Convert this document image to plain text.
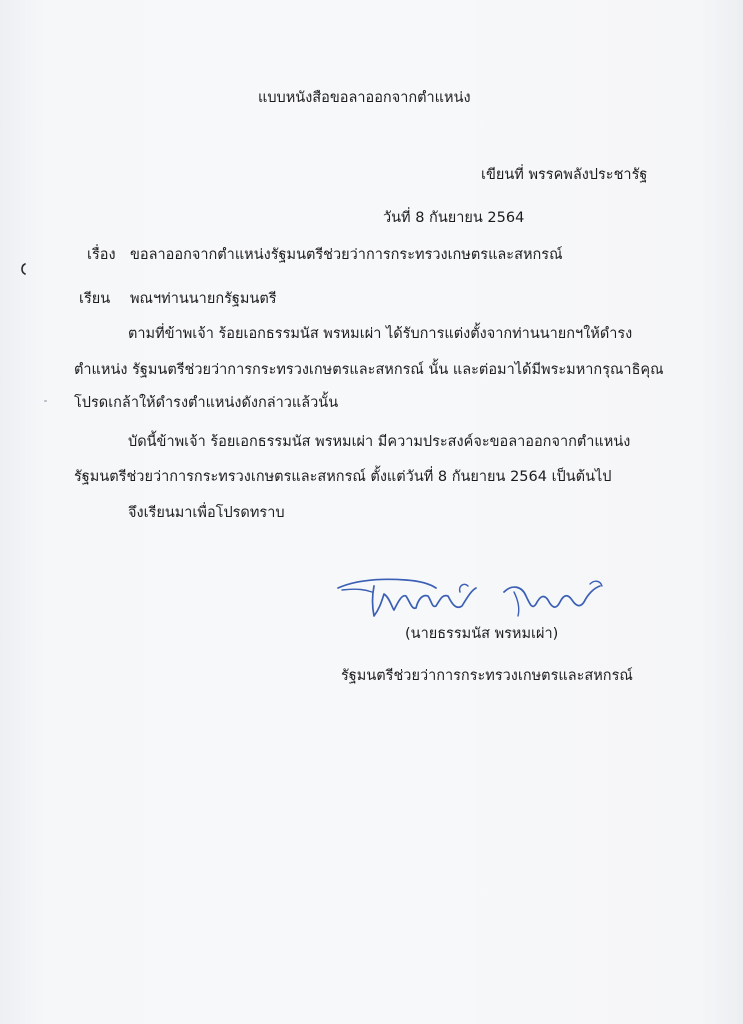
แบบหนังสือขอลาออกจากตำแหน่ง
เขียนที่ พรรคพลังประชารัฐ
วันที่ 8 กันยายน 2564
เรื่อง ขอลาออกจากตำแหน่งรัฐมนตรีช่วยว่าการกระทรวงเกษตรและสหกรณ์
เรียน พณฯท่านนายกรัฐมนตรี
ตามที่ข้าพเจ้า ร้อยเอกธรรมนัส พรหมเผ่า ได้รับการแต่งตั้งจากท่านนายกฯให้ดำรง
ตำแหน่ง รัฐมนตรีช่วยว่าการกระทรวงเกษตรและสหกรณ์ นั้น และต่อมาได้มีพระมหากรุณาธิคุณ
โปรดเกล้าให้ดำรงตำแหน่งดังกล่าวแล้วนั้น
บัดนี้ข้าพเจ้า ร้อยเอกธรรมนัส พรหมเผ่า มีความประสงค์จะขอลาออกจากตำแหน่ง
รัฐมนตรีช่วยว่าการกระทรวงเกษตรและสหกรณ์ ตั้งแต่วันที่ 8 กันยายน 2564 เป็นต้นไป
จึงเรียนมาเพื่อโปรดทราบ
(นายธรรมนัส พรหมเผ่า)
รัฐมนตรีช่วยว่าการกระทรวงเกษตรและสหกรณ์
